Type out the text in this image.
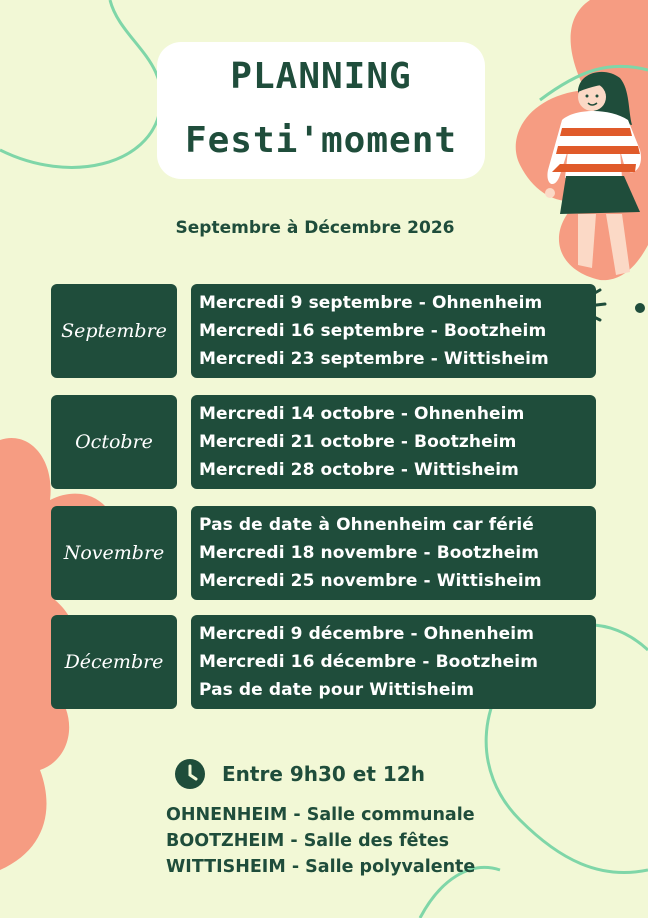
PLANNING
Festi'moment
Septembre à Décembre 2026
Septembre
Mercredi 9 septembre - Ohnenheim
Mercredi 16 septembre - Bootzheim
Mercredi 23 septembre - Wittisheim
Octobre
Mercredi 14 octobre - Ohnenheim
Mercredi 21 octobre - Bootzheim
Mercredi 28 octobre - Wittisheim
Novembre
Pas de date à Ohnenheim car férié
Mercredi 18 novembre - Bootzheim
Mercredi 25 novembre - Wittisheim
Décembre
Mercredi 9 décembre - Ohnenheim
Mercredi 16 décembre - Bootzheim
Pas de date pour Wittisheim
Entre 9h30 et 12h
OHNENHEIM - Salle communale
BOOTZHEIM - Salle des fêtes
WITTISHEIM - Salle polyvalente
